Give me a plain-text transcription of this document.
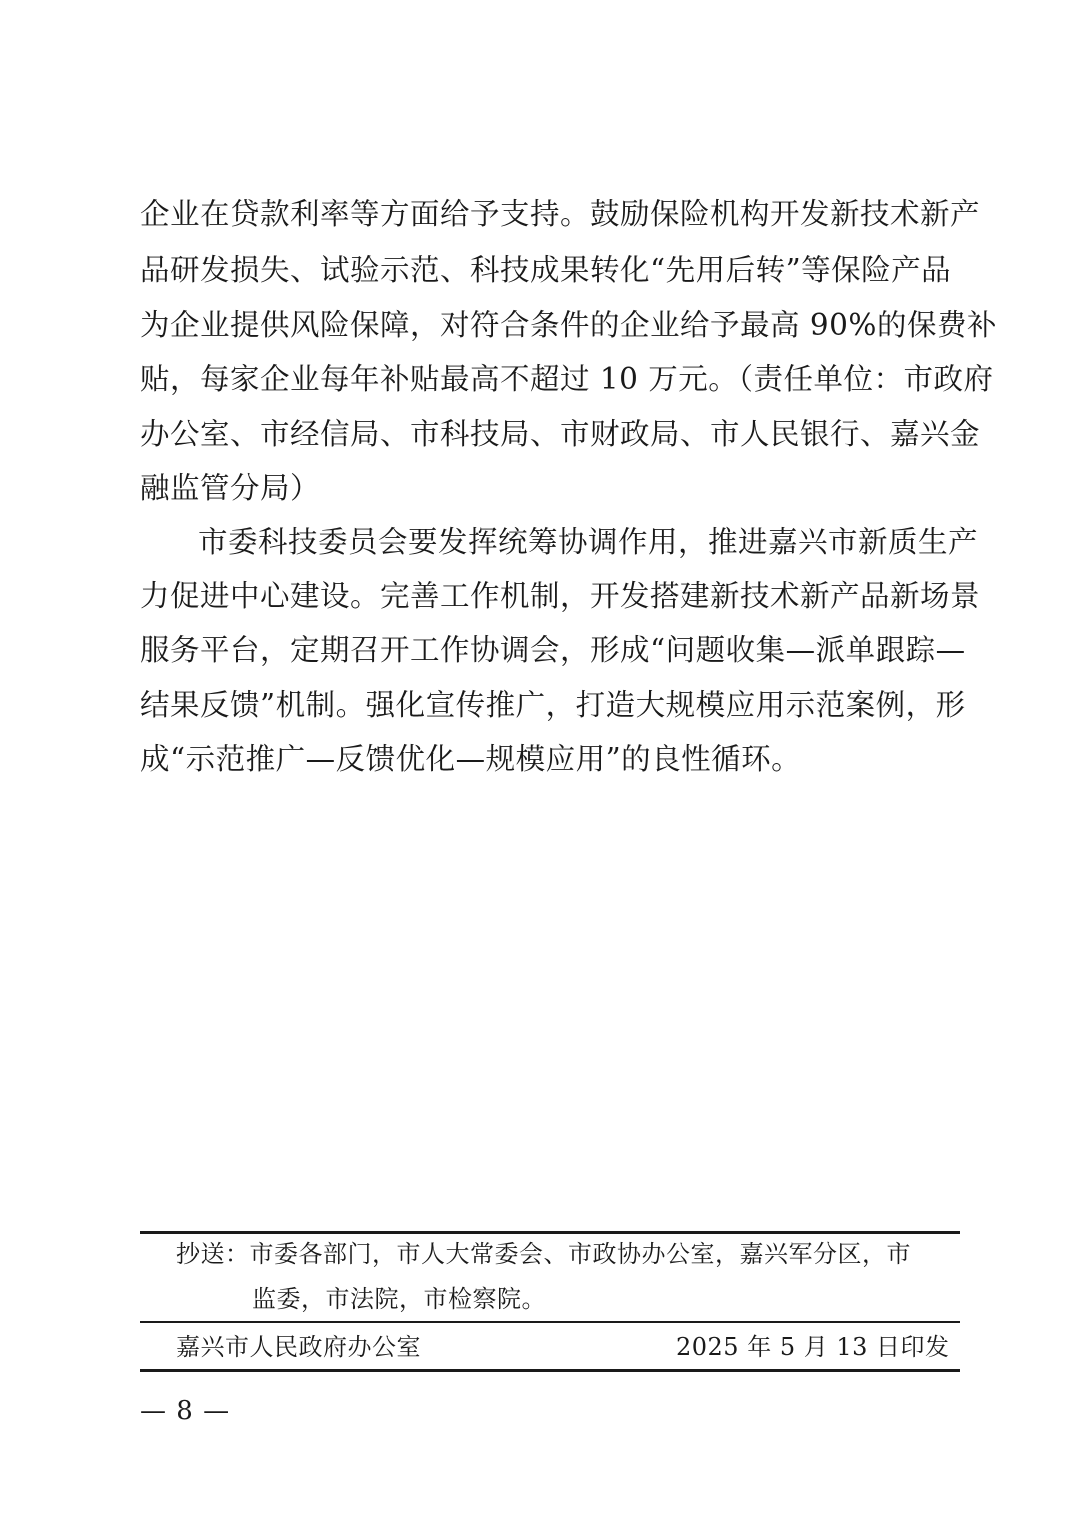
企业在贷款利率等方面给予支持。鼓励保险机构开发新技术新产
品研发损失、试验示范、科技成果转化“先用后转”等保险产品
为企业提供风险保障，对符合条件的企业给予最高 90%的保费补
贴，每家企业每年补贴最高不超过 10 万元。（责任单位：市政府
办公室、市经信局、市科技局、市财政局、市人民银行、嘉兴金
融监管分局）
市委科技委员会要发挥统筹协调作用，推进嘉兴市新质生产
力促进中心建设。完善工作机制，开发搭建新技术新产品新场景
服务平台，定期召开工作协调会，形成“问题收集—派单跟踪—
结果反馈”机制。强化宣传推广，打造大规模应用示范案例，形
成“示范推广—反馈优化—规模应用”的良性循环。
抄送：市委各部门，市人大常委会、市政协办公室，嘉兴军分区，市
监委，市法院，市检察院。
嘉兴市人民政府办公室	2025 年 5 月 13 日印发
— 8 —
